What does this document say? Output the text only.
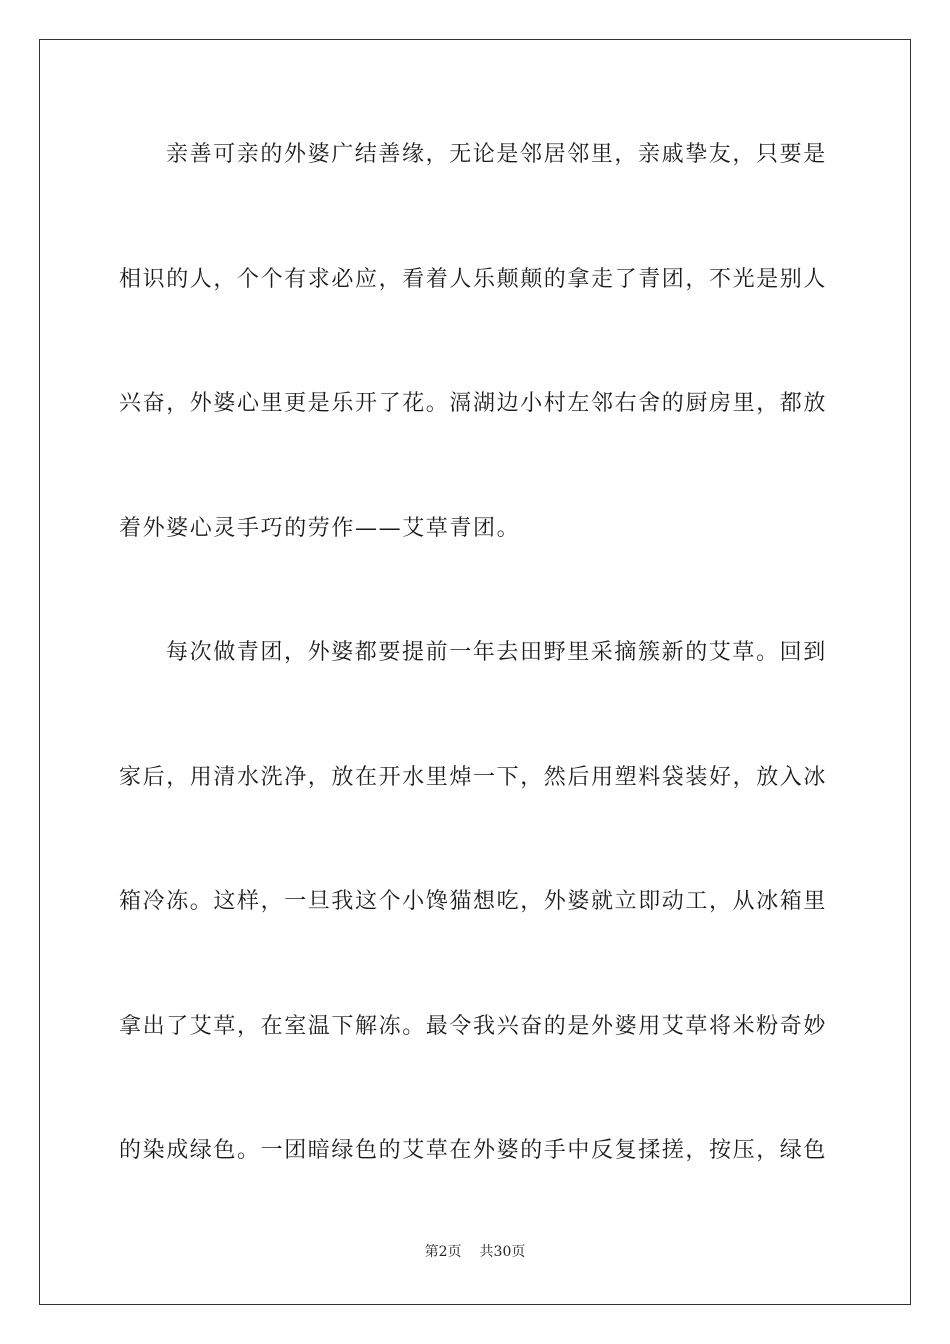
亲善可亲的外婆广结善缘，无论是邻居邻里，亲戚挚友，只要是
相识的人，个个有求必应，看着人乐颠颠的拿走了青团，不光是别人
兴奋，外婆心里更是乐开了花。滆湖边小村左邻右舍的厨房里，都放
着外婆心灵手巧的劳作——艾草青团。
每次做青团，外婆都要提前一年去田野里采摘簇新的艾草。回到
家后，用清水洗净，放在开水里焯一下，然后用塑料袋装好，放入冰
箱冷冻。这样，一旦我这个小馋猫想吃，外婆就立即动工，从冰箱里
拿出了艾草，在室温下解冻。最令我兴奋的是外婆用艾草将米粉奇妙
的染成绿色。一团暗绿色的艾草在外婆的手中反复揉搓，按压，绿色
第2页 共30页
